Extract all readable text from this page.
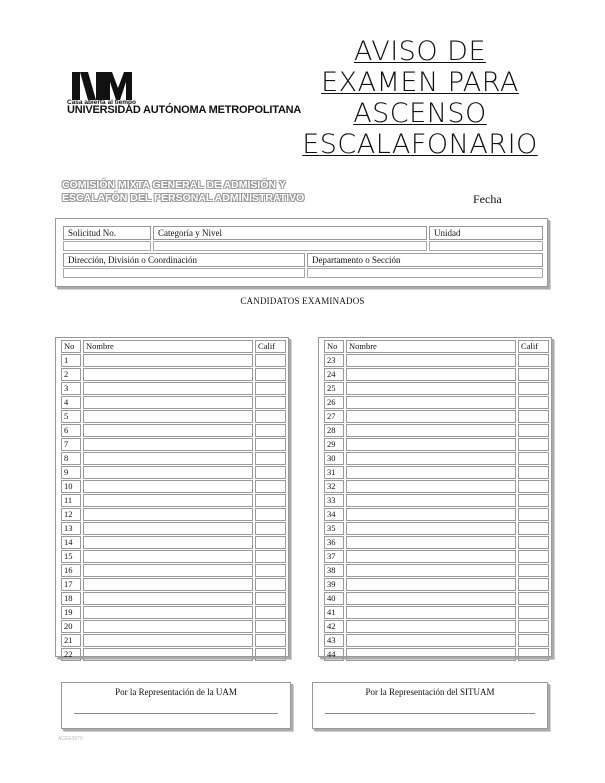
Casa abierta al tiempo
UNIVERSIDAD AUTÓNOMA METROPOLITANA
AVISO DE
EXAMEN PARA
ASCENSO
ESCALAFONARIO
COMISIÓN MIXTA GENERAL DE ADMISIÓN Y
ESCALAFÓN DEL PERSONAL ADMINISTRATIVO	Fecha
Solicitud No.	Categoría y Nivel	Unidad
Dirección, División o Coordinación	Departamento o Sección
CANDIDATOS EXAMINADOS
No	Nombre	Calif
1		
2		
3		
4		
5		
6		
7		
8		
9		
10		
11		
12		
13		
14		
15		
16		
17		
18		
19		
20		
21		
22		
No	Nombre	Calif
23		
24		
25		
26		
27		
28		
29		
30		
31		
32		
33		
34		
35		
36		
37		
38		
39		
40		
41		
42		
43		
44		
Por la Representación de la UAM	Por la Representación del SITUAM
ACEE0970
